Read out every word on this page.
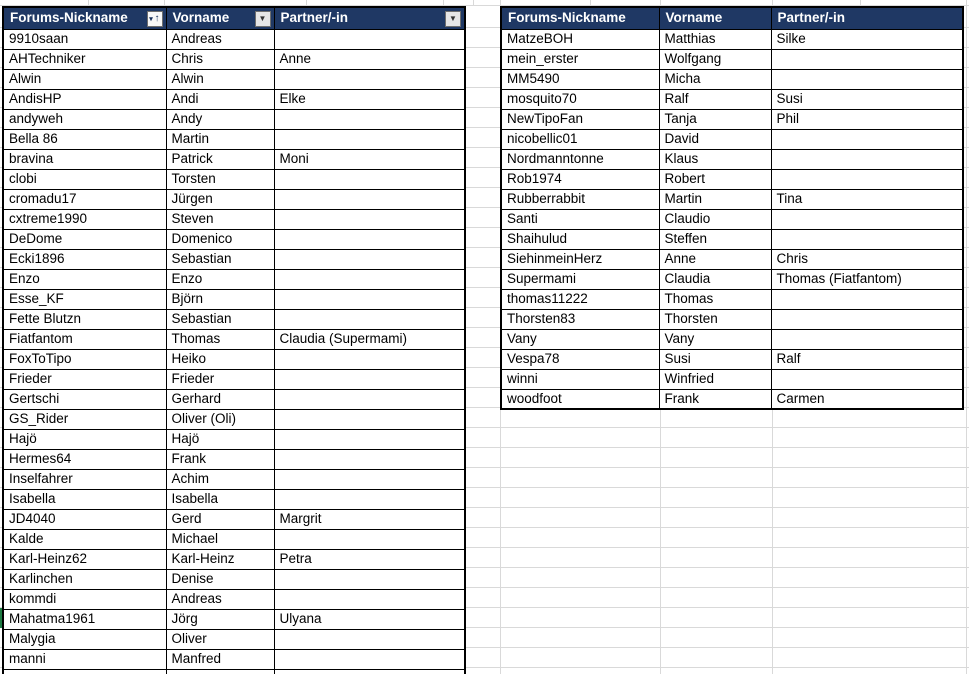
Forums-Nickname ▾ ↑	Vorname ▼	Partner/-in ▼

9910saan	Andreas	
AHTechniker	Chris	Anne
Alwin	Alwin	
AndisHP	Andi	Elke
andyweh	Andy	
Bella 86	Martin	
bravina	Patrick	Moni
clobi	Torsten	
cromadu17	Jürgen	
cxtreme1990	Steven	
DeDome	Domenico	
Ecki1896	Sebastian	
Enzo	Enzo	
Esse_KF	Björn	
Fette Blutzn	Sebastian	
Fiatfantom	Thomas	Claudia (Supermami)
FoxToTipo	Heiko	
Frieder	Frieder	
Gertschi	Gerhard	
GS_Rider	Oliver (Oli)	
Hajö	Hajö	
Hermes64	Frank	
Inselfahrer	Achim	
Isabella	Isabella	
JD4040	Gerd	Margrit
Kalde	Michael	
Karl-Heinz62	Karl-Heinz	Petra
Karlinchen	Denise	
kommdi	Andreas	
Mahatma1961	Jörg	Ulyana
Malygia	Oliver	
manni	Manfred	

Forums-Nickname	Vorname	Partner/-in
MatzeBOH	Matthias	Silke
mein_erster	Wolfgang	
MM5490	Micha	
mosquito70	Ralf	Susi
NewTipoFan	Tanja	Phil
nicobellic01	David	
Nordmanntonne	Klaus	
Rob1974	Robert	
Rubberrabbit	Martin	Tina
Santi	Claudio	
Shaihulud	Steffen	
SiehinmeinHerz	Anne	Chris
Supermami	Claudia	Thomas (Fiatfantom)
thomas11222	Thomas	
Thorsten83	Thorsten	
Vany	Vany	
Vespa78	Susi	Ralf
winni	Winfried	
woodfoot	Frank	Carmen
